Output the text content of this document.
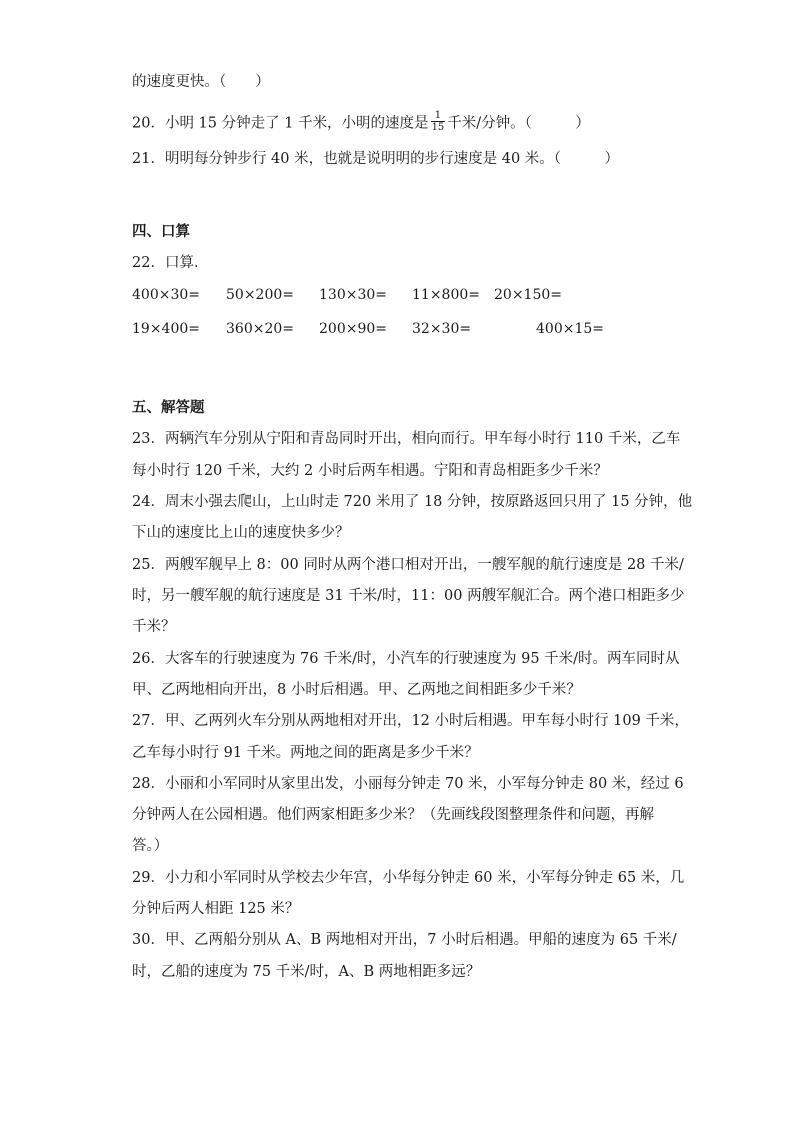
的速度更快。（　　）
20．小明 15 分钟走了 1 千米，小明的速度是 $\frac{1}{15}$ 千米/分钟。（　　　）
21．明明每分钟步行 40 米，也就是说明明的步行速度是 40 米。（　　　）
四、口算
22．口算．
400×30= 50×200= 130×30= 11×800= 20×150=
19×400= 360×20= 200×90= 32×30=	400×15=
五、解答题
23．两辆汽车分别从宁阳和青岛同时开出，相向而行。甲车每小时行 110 千米，乙车
每小时行 120 千米，大约 2 小时后两车相遇。宁阳和青岛相距多少千米？
24．周末小强去爬山，上山时走 720 米用了 18 分钟，按原路返回只用了 15 分钟，他
下山的速度比上山的速度快多少？
25．两艘军舰早上 8：00 同时从两个港口相对开出，一艘军舰的航行速度是 28 千米/
时，另一艘军舰的航行速度是 31 千米/时，11：00 两艘军舰汇合。两个港口相距多少
千米？
26．大客车的行驶速度为 76 千米/时，小汽车的行驶速度为 95 千米/时。两车同时从
甲、乙两地相向开出，8 小时后相遇。甲、乙两地之间相距多少千米？
27．甲、乙两列火车分别从两地相对开出，12 小时后相遇。甲车每小时行 109 千米，
乙车每小时行 91 千米。两地之间的距离是多少千米？
28．小丽和小军同时从家里出发，小丽每分钟走 70 米，小军每分钟走 80 米，经过 6
分钟两人在公园相遇。他们两家相距多少米？（先画线段图整理条件和问题，再解
答。）
29．小力和小军同时从学校去少年宫，小华每分钟走 60 米，小军每分钟走 65 米，几
分钟后两人相距 125 米？
30．甲、乙两船分别从 A、B 两地相对开出，7 小时后相遇。甲船的速度为 65 千米/
时，乙船的速度为 75 千米/时，A、B 两地相距多远？
